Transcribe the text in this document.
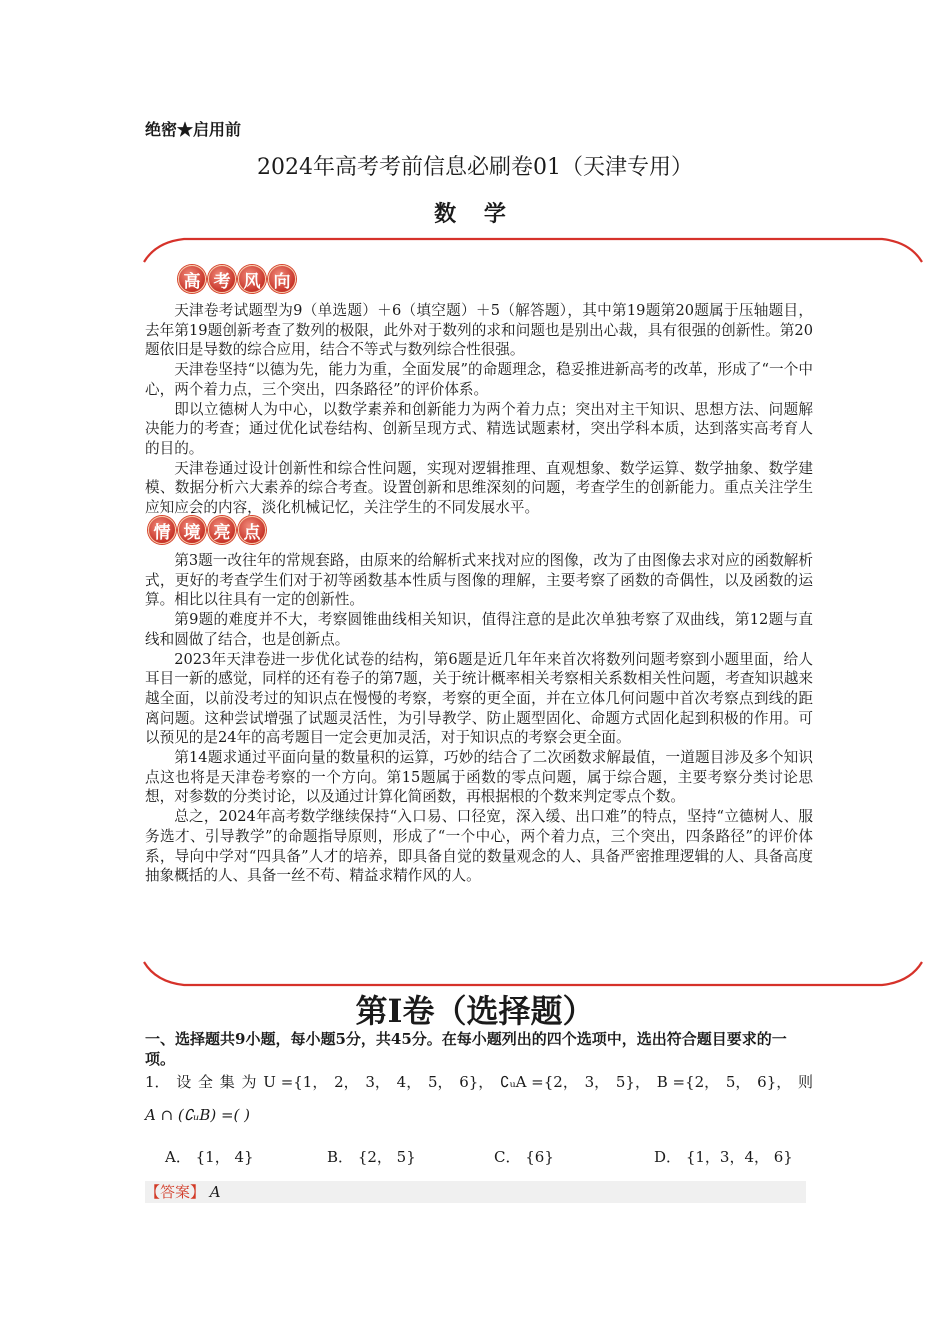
绝密★启用前
2024年高考考前信息必刷卷01（天津专用）
数 学
高 考 风 向

天津卷考试题型为9（单选题）＋6（填空题）＋5（解答题），其中第19题第20题属于压轴题目，去年第19题创新考查了数列的极限，此外对于数列的求和问题也是别出心裁，具有很强的创新性。第20题依旧是导数的综合应用，结合不等式与数列综合性很强。

天津卷坚持“以德为先，能力为重，全面发展”的命题理念，稳妥推进新高考的改革，形成了“一个中心，两个着力点，三个突出，四条路径”的评价体系。

即以立德树人为中心，以数学素养和创新能力为两个着力点；突出对主干知识、思想方法、问题解决能力的考查；通过优化试卷结构、创新呈现方式、精选试题素材，突出学科本质，达到落实高考育人的目的。

天津卷通过设计创新性和综合性问题，实现对逻辑推理、直观想象、数学运算、数学抽象、数学建模、数据分析六大素养的综合考查。设置创新和思维深刻的问题，考查学生的创新能力。重点关注学生应知应会的内容，淡化机械记忆，关注学生的不同发展水平。

情 境 亮 点

第3题一改往年的常规套路，由原来的给解析式来找对应的图像，改为了由图像去求对应的函数解析式，更好的考查学生们对于初等函数基本性质与图像的理解，主要考察了函数的奇偶性，以及函数的运算。相比以往具有一定的创新性。

第9题的难度并不大，考察圆锥曲线相关知识，值得注意的是此次单独考察了双曲线，第12题与直线和圆做了结合，也是创新点。

2023年天津卷进一步优化试卷的结构，第6题是近几年年来首次将数列问题考察到小题里面，给人耳目一新的感觉，同样的还有卷子的第7题，关于统计概率相关考察相关系数相关性问题，考查知识越来越全面，以前没考过的知识点在慢慢的考察，考察的更全面，并在立体几何问题中首次考察点到线的距离问题。这种尝试增强了试题灵活性，为引导教学、防止题型固化、命题方式固化起到积极的作用。可以预见的是24年的高考题目一定会更加灵活，对于知识点的考察会更全面。

第14题求通过平面向量的数量积的运算，巧妙的结合了二次函数求解最值，一道题目涉及多个知识点这也将是天津卷考察的一个方向。第15题属于函数的零点问题，属于综合题，主要考察分类讨论思想，对参数的分类讨论，以及通过计算化简函数，再根据根的个数来判定零点个数。

总之，2024年高考数学继续保持“入口易、口径宽，深入缓、出口难”的特点，坚持“立德树人、服务选才、引导教学”的命题指导原则，形成了“一个中心，两个着力点，三个突出，四条路径”的评价体系，导向中学对“四具备”人才的培养，即具备自觉的数量观念的人、具备严密推理逻辑的人、具备高度抽象概括的人、具备一丝不苟、精益求精作风的人。

第Ⅰ卷（选择题）
一、选择题共9小题，每小题5分，共45分。在每小题列出的四个选项中，选出符合题目要求的一项。
1． 设 全 集 为 U ={1， 2， 3， 4， 5， 6}， ∁ᵤA ={2， 3， 5}， B ={2， 5， 6}， 则
A ∩ (∁ᵤB) =( )
A． {1， 4}	B． {2， 5}	C． {6}	D． {1，3，4， 6}
【答案】 A
